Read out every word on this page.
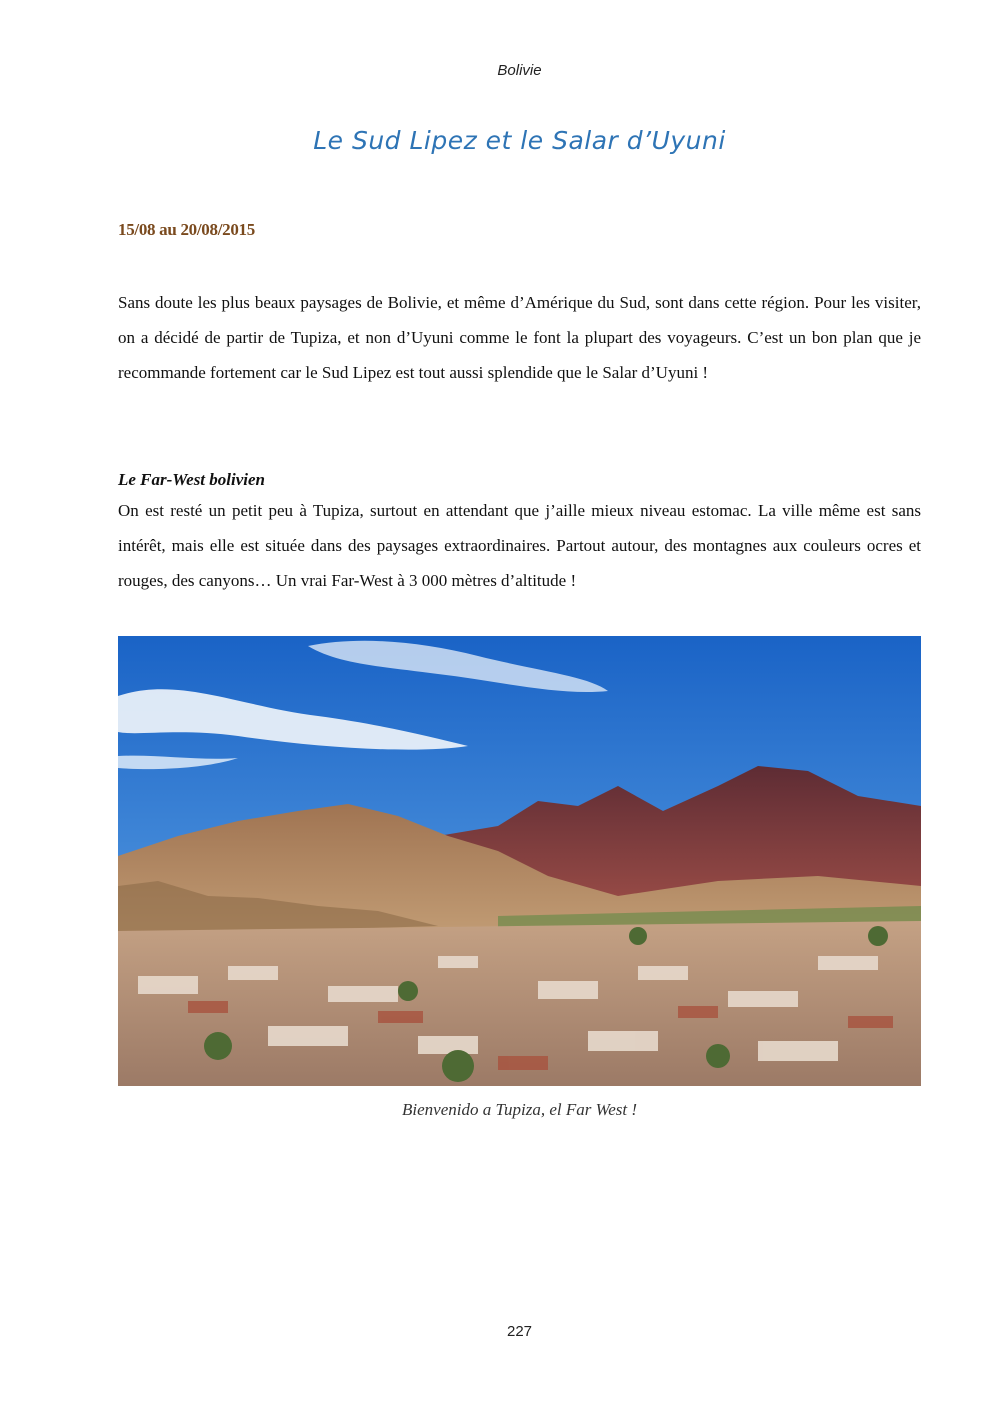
Bolivie
Le Sud Lipez et le Salar d’Uyuni
15/08 au 20/08/2015
Sans doute les plus beaux paysages de Bolivie, et même d’Amérique du Sud, sont dans cette région. Pour les visiter, on a décidé de partir de Tupiza, et non d’Uyuni comme le font la plupart des voyageurs. C’est un bon plan que je recommande fortement car le Sud Lipez est tout aussi splendide que le Salar d’Uyuni !
Le Far-West bolivien
On est resté un petit peu à Tupiza, surtout en attendant que j’aille mieux niveau estomac. La ville même est sans intérêt, mais elle est située dans des paysages extraordinaires. Partout autour, des montagnes aux couleurs ocres et rouges, des canyons… Un vrai Far-West à 3 000 mètres d’altitude !
Bienvenido a Tupiza, el Far West !
227
